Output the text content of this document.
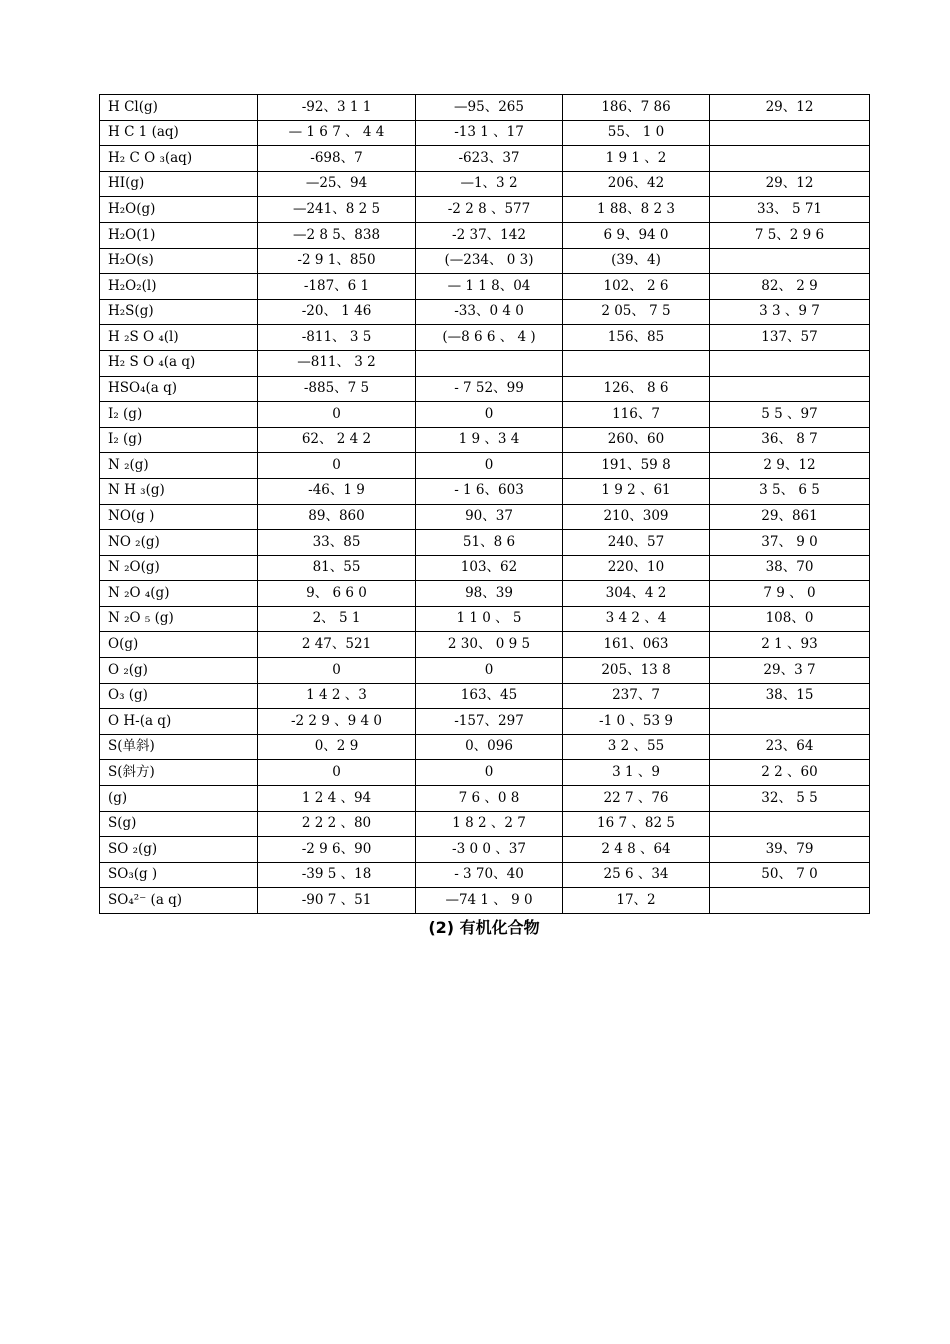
H Cl(g)	-92、3 1 1	—95、265	186、7 86	29、12
H C 1 (aq)	— 1 6 7 、 4 4	-13 1 、17	55、 1 0	
H₂ C O ₃(aq)	-698、7	-623、37	1 9 1 、2	
HI(g)	—25、94	—1、3 2	206、42	29、12
H₂O(g)	—241、8 2 5	-2 2 8 、577	1 88、8 2 3	33、 5 71
H₂O(1)	—2 8 5、838	-2 37、142	6 9、94 0	7 5、2 9 6
H₂O(s)	-2 9 1、850	(—234、 0 3)	(39、4)	
H₂O₂(l)	-187、6 1	— 1 1 8、04	102、 2 6	82、 2 9
H₂S(g)	-20、 1 46	-33、0 4 0	2 05、 7 5	3 3 、9 7
H ₂S O ₄(l)	-811、 3 5	(—8 6 6 、 4 )	156、85	137、57
H₂ S O ₄(a q)	—811、 3 2			
HSO₄(a q)	-885、7 5	- 7 52、99	126、 8 6	
I₂ (g)	0	0	116、7	5 5 、97
I₂ (g)	62、 2 4 2	1 9 、3 4	260、60	36、 8 7
N ₂(g)	0	0	191、59 8	2 9、12
N H ₃(g)	-46、1 9	- 1 6、603	1 9 2 、61	3 5、 6 5
NO(g )	89、860	90、37	210、309	29、861
NO ₂(g)	33、85	51、8 6	240、57	37、 9 0
N ₂O(g)	81、55	103、62	220、10	38、70
N ₂O ₄(g)	9、 6 6 0	98、39	304、4 2	7 9 、 0
N ₂O ₅ (g)	2、 5 1	1 1 0 、 5	3 4 2 、4	108、0
O(g)	2 47、521	2 30、 0 9 5	161、063	2 1 、93
O ₂(g)	0	0	205、13 8	29、3 7
O₃ (g)	1 4 2 、3	163、45	237、7	38、15
O H-(a q)	-2 2 9 、9 4 0	-157、297	-1 0 、53 9	
S(单斜)	0、2 9	0、096	3 2 、55	23、64
S(斜方)	0	0	3 1 、9	2 2 、60
(g)	1 2 4 、94	7 6 、0 8	22 7 、76	32、 5 5
S(g)	2 2 2 、80	1 8 2 、2 7	16 7 、82 5	
SO ₂(g)	-2 9 6、90	-3 0 0 、37	2 4 8 、64	39、79
SO₃(g )	-39 5 、18	- 3 70、40	25 6 、34	50、 7 0
SO₄²⁻ (a q)	-90 7 、51	—74 1 、 9 0	17、2	
(2) 有机化合物
